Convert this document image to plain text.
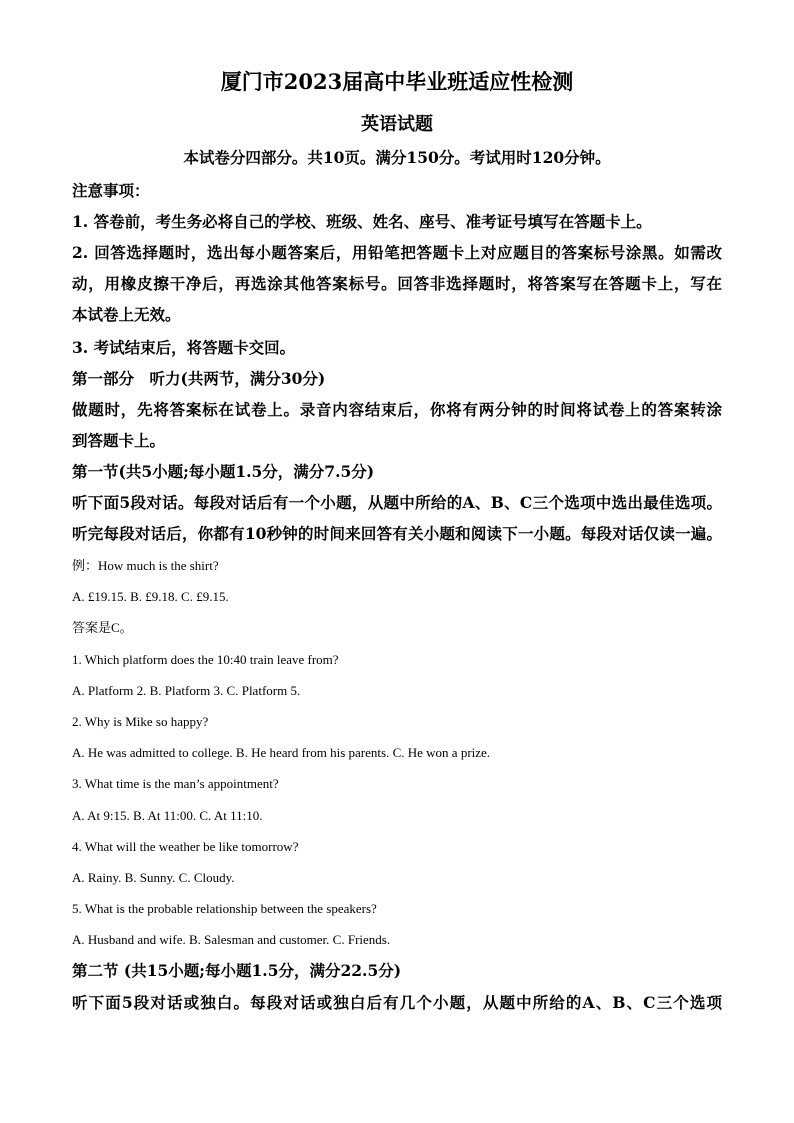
厦门市2023届高中毕业班适应性检测
英语试题
本试卷分四部分。共10页。满分150分。考试用时120分钟。
注意事项：
1. 答卷前，考生务必将自己的学校、班级、姓名、座号、准考证号填写在答题卡上。
2. 回答选择题时，选出每小题答案后，用铅笔把答题卡上对应题目的答案标号涂黑。如需改
动，用橡皮擦干净后，再选涂其他答案标号。回答非选择题时，将答案写在答题卡上，写在
本试卷上无效。
3. 考试结束后，将答题卡交回。
第一部分　听力(共两节，满分30分)
做题时，先将答案标在试卷上。录音内容结束后，你将有两分钟的时间将试卷上的答案转涂
到答题卡上。
第一节(共5小题;每小题1.5分，满分7.5分)
听下面5段对话。每段对话后有一个小题，从题中所给的A、B、C三个选项中选出最佳选项。
听完每段对话后，你都有10秒钟的时间来回答有关小题和阅读下一小题。每段对话仅读一遍。
例：How much is the shirt?
A. £19.15. B. £9.18. C. £9.15.
答案是C。
1. Which platform does the 10:40 train leave from?
A. Platform 2. B. Platform 3. C. Platform 5.
2. Why is Mike so happy?
A. He was admitted to college. B. He heard from his parents. C. He won a prize.
3. What time is the man’s appointment?
A. At 9:15. B. At 11:00. C. At 11:10.
4. What will the weather be like tomorrow?
A. Rainy. B. Sunny. C. Cloudy.
5. What is the probable relationship between the speakers?
A. Husband and wife. B. Salesman and customer. C. Friends.
第二节 (共15小题;每小题1.5分，满分22.5分)
听下面5段对话或独白。每段对话或独白后有几个小题，从题中所给的A、B、C三个选项
